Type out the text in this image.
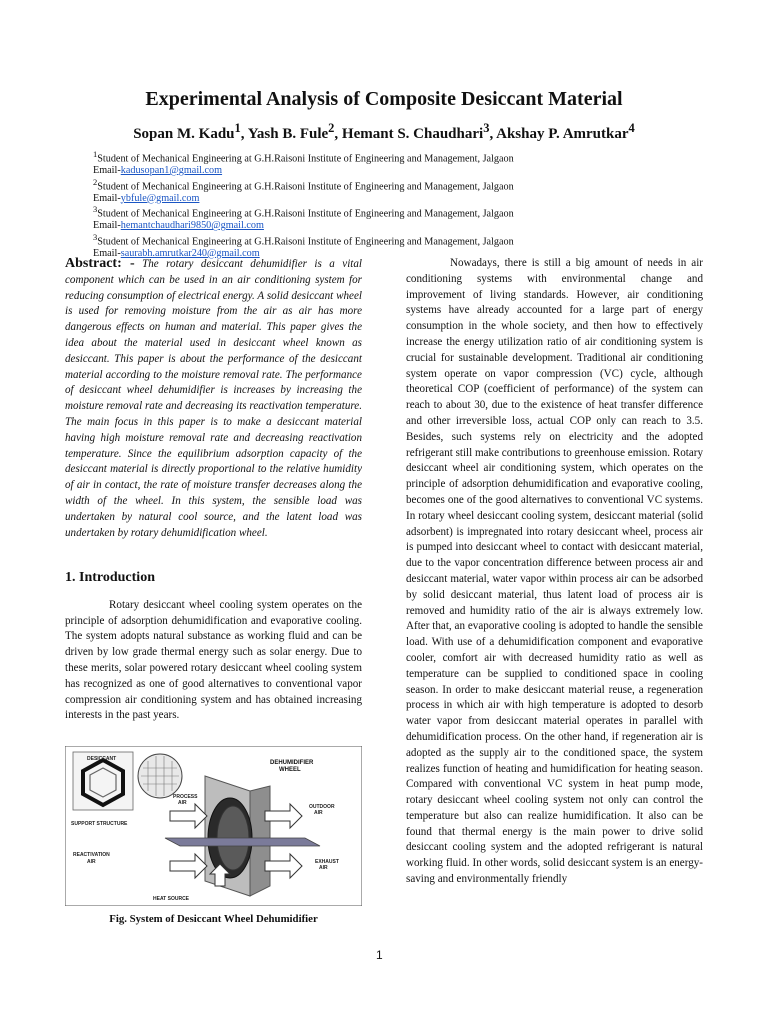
Experimental Analysis of Composite Desiccant Material
Sopan M. Kadu$^1$, Yash B. Fule$^2$, Hemant S. Chaudhari$^3$, Akshay P. Amrutkar$^4$
$^1$Student of Mechanical Engineering at G.H.Raisoni Institute of Engineering and Management, Jalgaon
Email-kadusopan1@gmail.com
$^2$Student of Mechanical Engineering at G.H.Raisoni Institute of Engineering and Management, Jalgaon
Email-ybfule@gmail.com
$^3$Student of Mechanical Engineering at G.H.Raisoni Institute of Engineering and Management, Jalgaon
Email-hemantchaudhari9850@gmail.com
$^3$Student of Mechanical Engineering at G.H.Raisoni Institute of Engineering and Management, Jalgaon
Email-saurabh.amrutkar240@gmail.com

Abstract: - The rotary desiccant dehumidifier is a vital component which can be used in an air conditioning system for reducing consumption of electrical energy. A solid desiccant wheel is used for removing moisture from the air as air has more dangerous effects on human and material. This paper gives the idea about the material used in desiccant wheel known as desiccant. This paper is about the performance of the desiccant material according to the moisture removal rate. The performance of desiccant wheel dehumidifier is increases by increasing the moisture removal rate and decreasing its reactivation temperature. The main focus in this paper is to make a desiccant material having high moisture removal rate and decreasing reactivation temperature. Since the equilibrium adsorption capacity of the desiccant material is directly proportional to the relative humidity of air in contact, the rate of moisture transfer decreases along the width of the wheel. In this system, the sensible load was undertaken by natural cool source, and the latent load was undertaken by rotary dehumidification wheel.

1. Introduction

Rotary desiccant wheel cooling system operates on the principle of adsorption dehumidification and evaporative cooling. The system adopts natural substance as working fluid and can be driven by low grade thermal energy such as solar energy. Due to these merits, solar powered rotary desiccant wheel cooling system has recognized as one of good alternatives to conventional vapor compression air conditioning system and has obtained increasing interests in the past years.

DESICCANT
SUPPORT STRUCTURE
DEHUMIDIFIER
WHEEL
PROCESS
AIR
OUTDOOR
AIR
REACTIVATION
AIR	EXHAUST
AIR
HEAT SOURCE
Fig. System of Desiccant Wheel Dehumidifier

Nowadays, there is still a big amount of needs in air conditioning systems with environmental change and improvement of living standards. However, air conditioning systems have already accounted for a large part of energy consumption in the whole society, and then how to effectively increase the energy utilization ratio of air conditioning system is crucial for sustainable development. Traditional air conditioning system operate on vapor compression (VC) cycle, although theoretical COP (coefficient of performance) of the system can reach to about 30, due to the existence of heat transfer difference and other irreversible loss, actual COP only can reach to 3.5. Besides, such systems rely on electricity and the adopted refrigerant still make contributions to greenhouse emission. Rotary desiccant wheel air conditioning system, which operates on the principle of adsorption dehumidification and evaporative cooling, becomes one of the good alternatives to conventional VC systems. In rotary wheel desiccant cooling system, desiccant material (solid adsorbent) is impregnated into rotary desiccant wheel, process air is pumped into desiccant wheel to contact with desiccant material, due to the vapor concentration difference between process air and desiccant material, water vapor within process air can be adsorbed by solid desiccant material, thus latent load of process air is removed and humidity ratio of the air is always extremely low. After that, an evaporative cooling is adopted to handle the sensible load. With use of a dehumidification component and evaporative cooler, comfort air with decreased humidity ratio as well as temperature can be supplied to conditioned space in cooling season. In order to make desiccant material reuse, a regeneration process in which air with high temperature is adopted to desorb water vapor from desiccant material operates in parallel with dehumidification process. On the other hand, if regeneration air is adopted as the supply air to the conditioned space, the system realizes function of heating and humidification for heating season. Compared with conventional VC system in heat pump mode, rotary desiccant wheel cooling system not only can control the temperature but also can realize humidification. It also can be found that thermal energy is the main power to drive solid desiccant cooling system and the adopted refrigerant is natural working fluid. In other words, solid desiccant system is an energy-saving and environmentally friendly

1
